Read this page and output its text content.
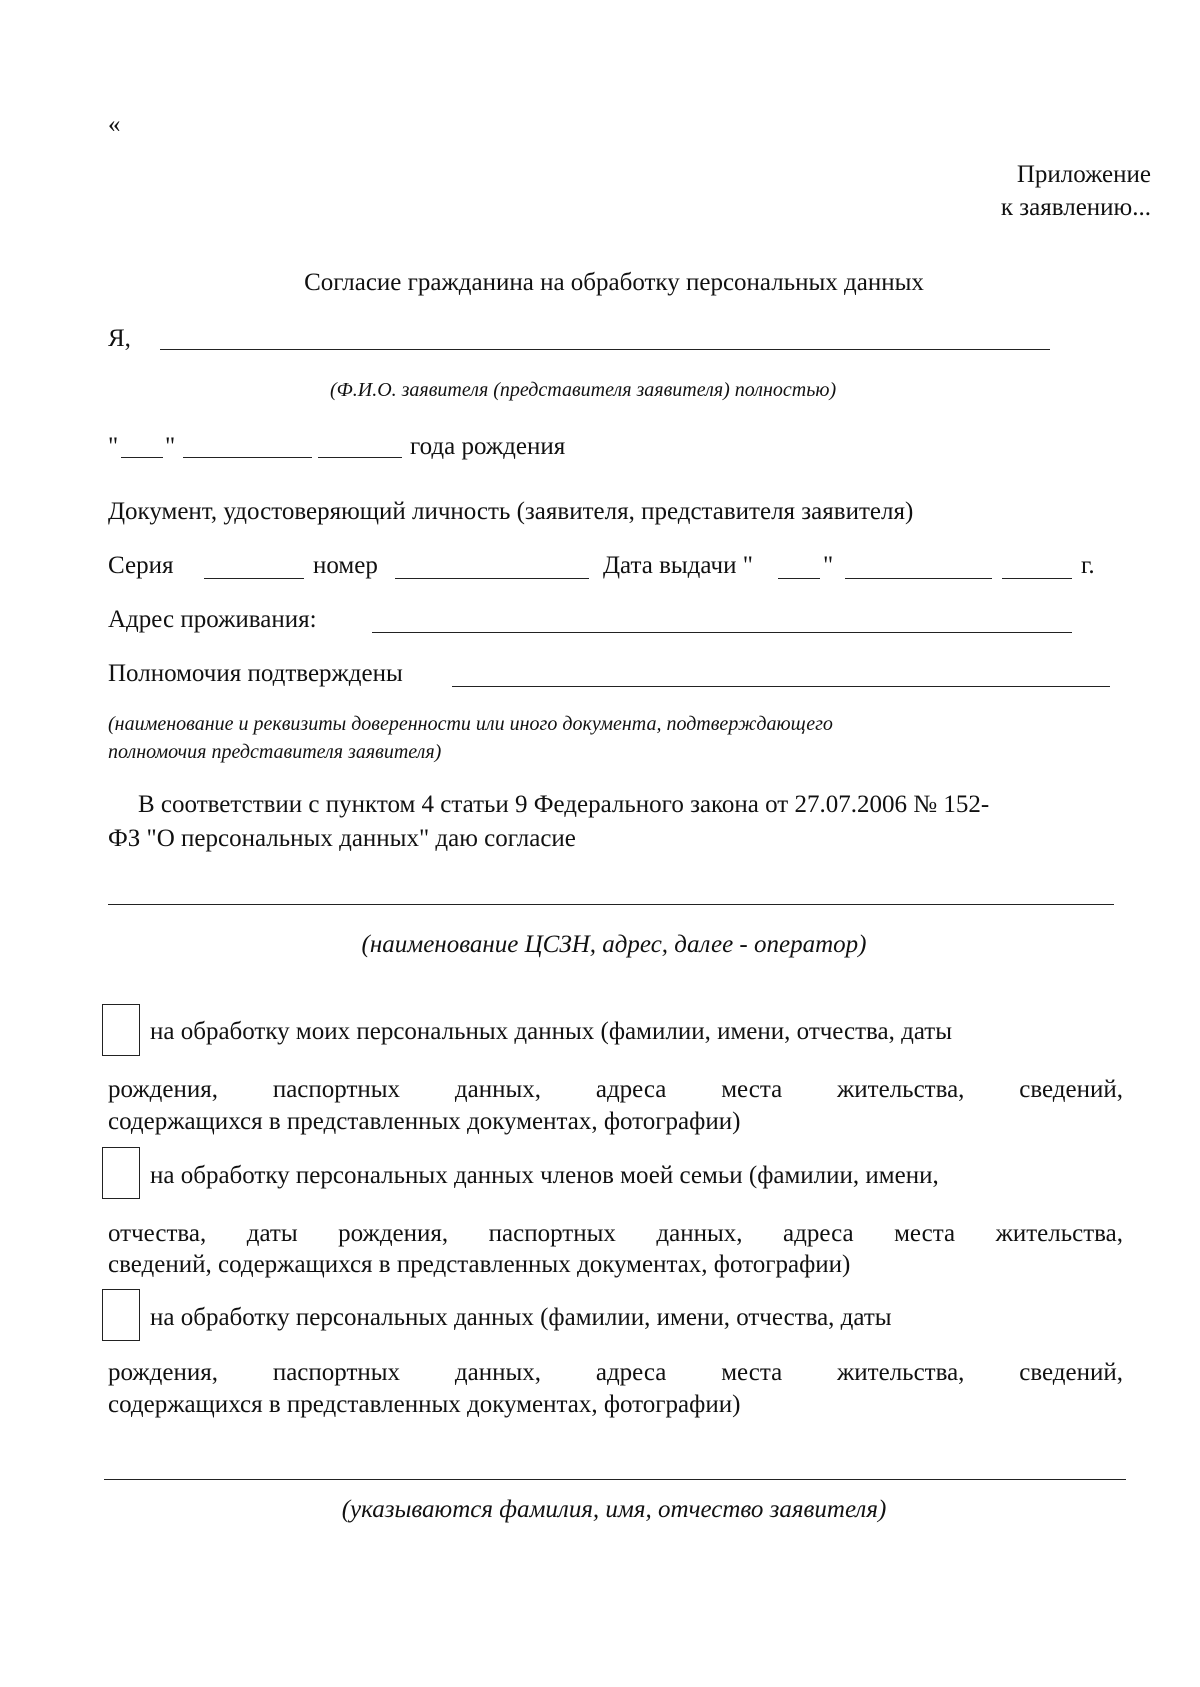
«
Приложение
к заявлению...
Согласие гражданина на обработку персональных данных
Я,
(Ф.И.О. заявителя (представителя заявителя) полностью)
" "	года рождения
Документ, удостоверяющий личность (заявителя, представителя заявителя)
Серия	номер	Дата выдачи "	"	г.
Адрес проживания:
Полномочия подтверждены
(наименование и реквизиты доверенности или иного документа, подтверждающего
полномочия представителя заявителя)
В соответствии с пунктом 4 статьи 9 Федерального закона от 27.07.2006 № 152-
ФЗ "О персональных данных" даю согласие
(наименование ЦСЗН, адрес, далее - оператор)
на обработку моих персональных данных (фамилии, имени, отчества, даты
рождения, паспортных данных, адреса места жительства, сведений,
содержащихся в представленных документах, фотографии)
на обработку персональных данных членов моей семьи (фамилии, имени,
отчества, даты рождения, паспортных данных, адреса места жительства,
сведений, содержащихся в представленных документах, фотографии)
на обработку персональных данных (фамилии, имени, отчества, даты
рождения, паспортных данных, адреса места жительства, сведений,
содержащихся в представленных документах, фотографии)
(указываются фамилия, имя, отчество заявителя)
